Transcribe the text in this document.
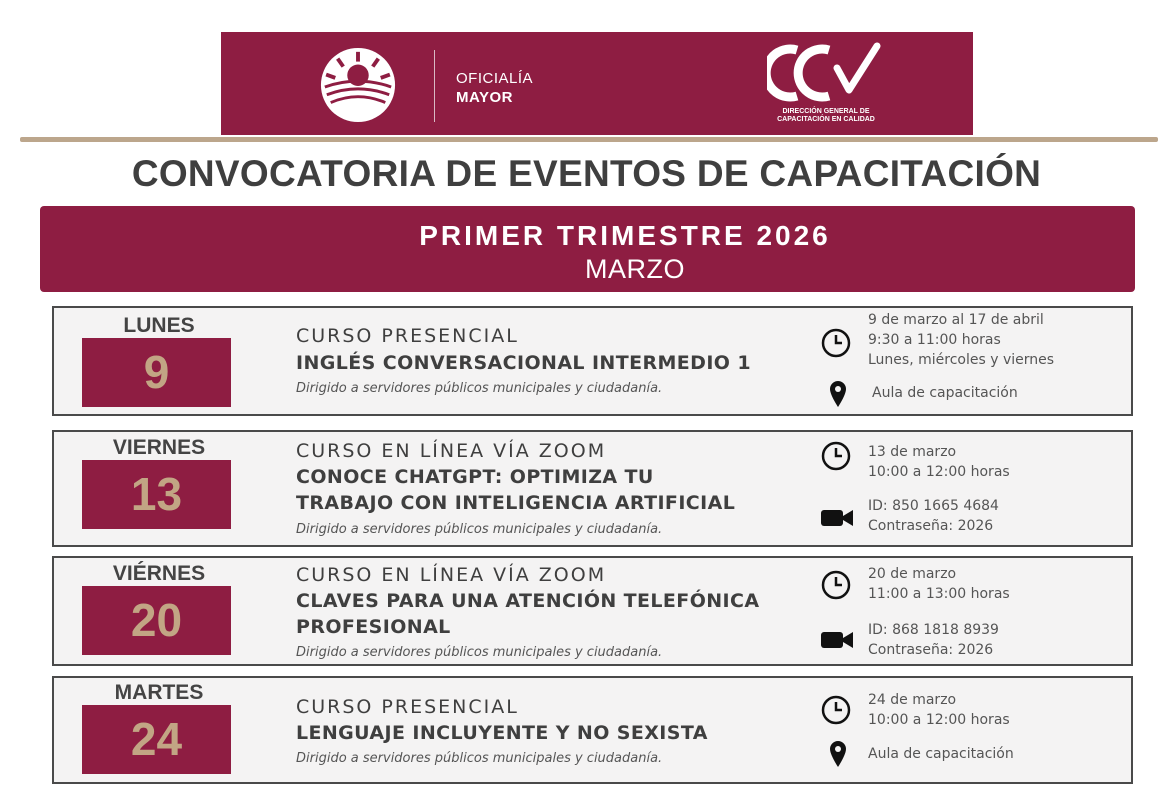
OFICIALÍA
MAYOR
DIRECCIÓN GENERAL DE CAPACITACIÓN EN CALIDAD
CONVOCATORIA DE EVENTOS DE CAPACITACIÓN
PRIMER TRIMESTRE 2026
MARZO
LUNES
9
CURSO PRESENCIAL
INGLÉS CONVERSACIONAL INTERMEDIO 1
Dirigido a servidores públicos municipales y ciudadanía.
9 de marzo al 17 de abril
9:30 a 11:00 horas
Lunes, miércoles y viernes
Aula de capacitación
VIERNES
13
CURSO EN LÍNEA VÍA ZOOM
CONOCE CHATGPT: OPTIMIZA TU
TRABAJO CON INTELIGENCIA ARTIFICIAL
Dirigido a servidores públicos municipales y ciudadanía.
13 de marzo
10:00 a 12:00 horas
ID: 850 1665 4684
Contraseña: 2026
VIÉRNES
20
CURSO EN LÍNEA VÍA ZOOM
CLAVES PARA UNA ATENCIÓN TELEFÓNICA
PROFESIONAL
Dirigido a servidores públicos municipales y ciudadanía.
20 de marzo
11:00 a 13:00 horas
ID: 868 1818 8939
Contraseña: 2026
MARTES
24
CURSO PRESENCIAL
LENGUAJE INCLUYENTE Y NO SEXISTA
Dirigido a servidores públicos municipales y ciudadanía.
24 de marzo
10:00 a 12:00 horas
Aula de capacitación
